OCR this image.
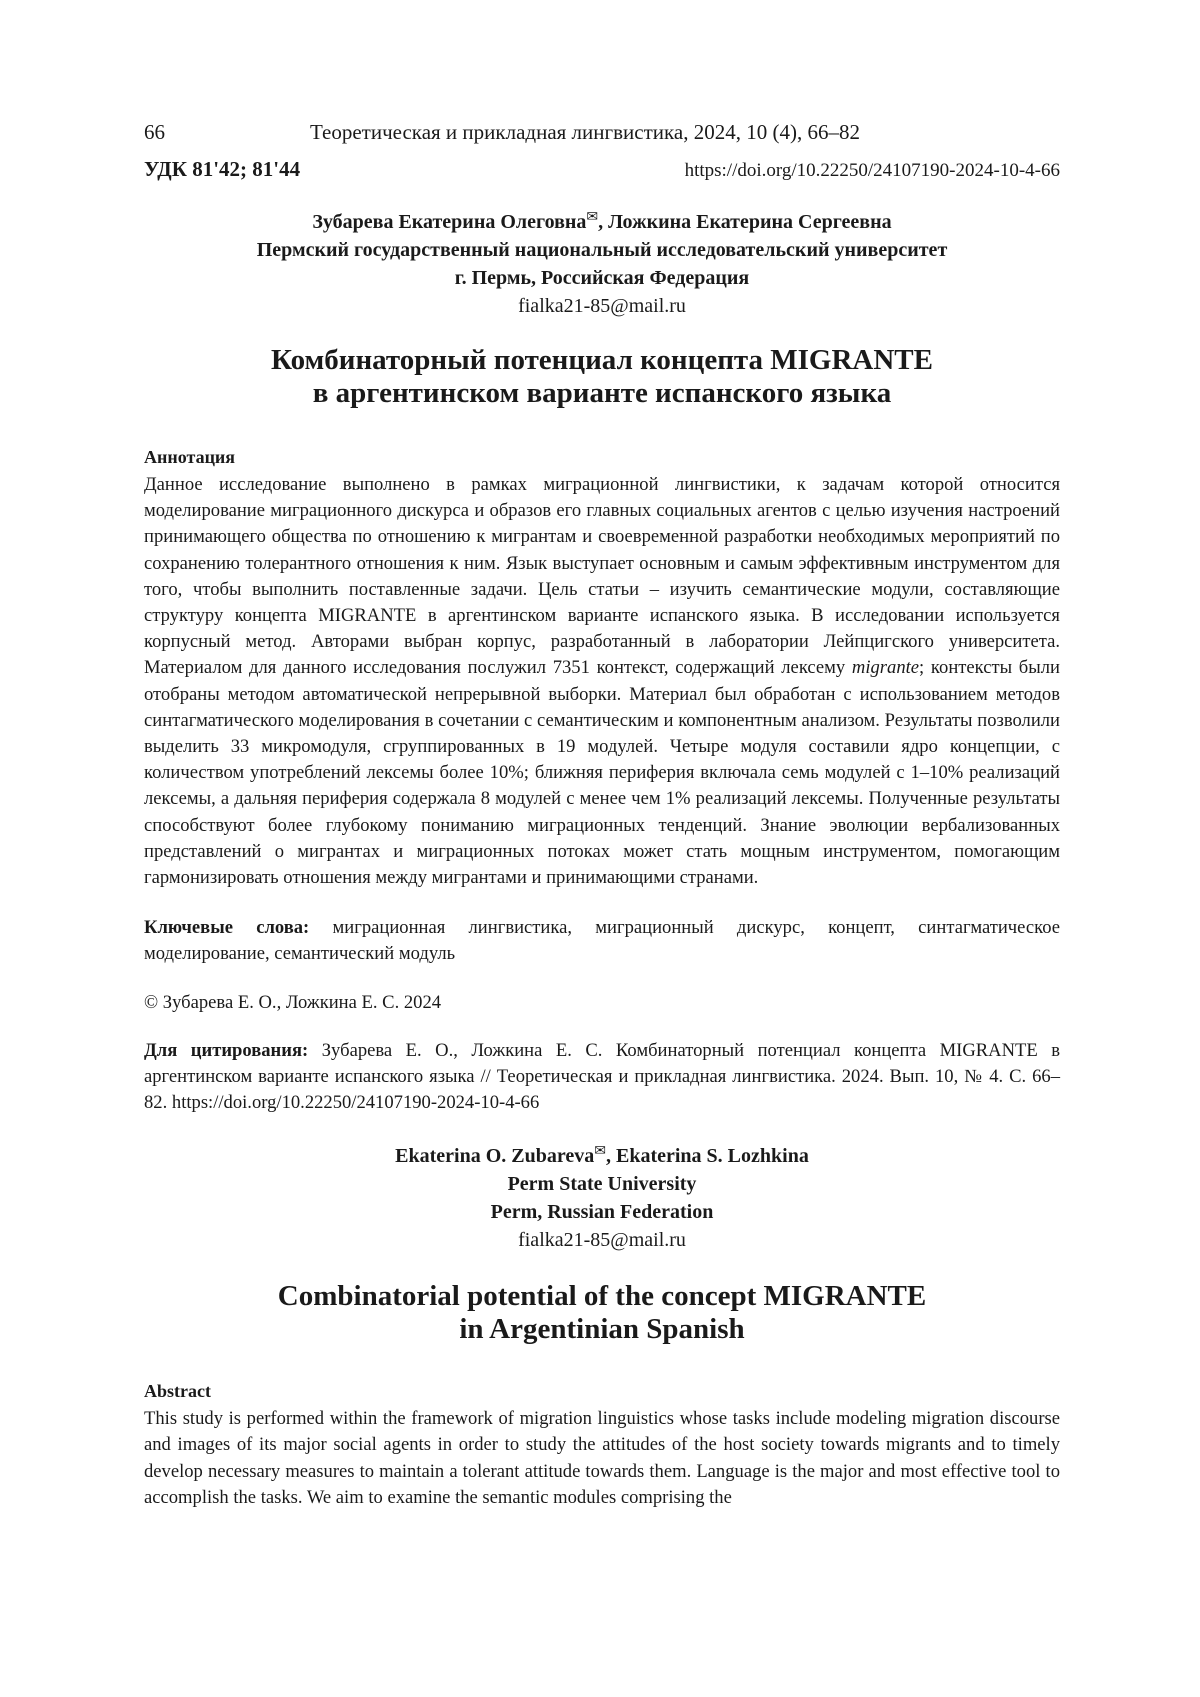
66	Теоретическая и прикладная лингвистика, 2024, 10 (4), 66–82
УДК 81'42; 81'44	https://doi.org/10.22250/24107190-2024-10-4-66
Зубарева Екатерина Олеговна✉, Ложкина Екатерина Сергеевна
Пермский государственный национальный исследовательский университет
г. Пермь, Российская Федерация
fialka21-85@mail.ru
Комбинаторный потенциал концепта MIGRANTE
в аргентинском варианте испанского языка
Аннотация

Данное исследование выполнено в рамках миграционной лингвистики, к задачам которой относится моделирование миграционного дискурса и образов его главных социальных агентов с целью изучения настроений принимающего общества по отношению к мигрантам и своевременной разработки необходимых мероприятий по сохранению толерантного отношения к ним. Язык выступает основным и самым эффективным инструментом для того, чтобы выполнить поставленные задачи. Цель статьи – изучить семантические модули, составляющие структуру концепта MIGRANTE в аргентинском варианте испанского языка. В исследовании используется корпусный метод. Авторами выбран корпус, разработанный в лаборатории Лейпцигского университета. Материалом для данного исследования послужил 7351 контекст, содержащий лексему migrante; контексты были отобраны методом автоматической непрерывной выборки. Материал был обработан с использованием методов синтагматического моделирования в сочетании с семантическим и компонентным анализом. Результаты позволили выделить 33 микромодуля, сгруппированных в 19 модулей. Четыре модуля составили ядро концепции, с количеством употреблений лексемы более 10%; ближняя периферия включала семь модулей с 1–10% реализаций лексемы, а дальняя периферия содержала 8 модулей с менее чем 1% реализаций лексемы. Полученные результаты способствуют более глубокому пониманию миграционных тенденций. Знание эволюции вербализованных представлений о мигрантах и миграционных потоках может стать мощным инструментом, помогающим гармонизировать отношения между мигрантами и принимающими странами.

Ключевые слова: миграционная лингвистика, миграционный дискурс, концепт, синтагматическое моделирование, семантический модуль
© Зубарева Е. О., Ложкина Е. С. 2024
Для цитирования: Зубарева Е. О., Ложкина Е. С. Комбинаторный потенциал концепта MIGRANTE в аргентинском варианте испанского языка // Теоретическая и прикладная лингвистика. 2024. Вып. 10, № 4. С. 66–82. https://doi.org/10.22250/24107190-2024-10-4-66
Ekaterina O. Zubareva✉, Ekaterina S. Lozhkina
Perm State University
Perm, Russian Federation
fialka21-85@mail.ru
Combinatorial potential of the concept MIGRANTE
in Argentinian Spanish
Abstract

This study is performed within the framework of migration linguistics whose tasks include modeling migration discourse and images of its major social agents in order to study the attitudes of the host society towards migrants and to timely develop necessary measures to maintain a tolerant attitude towards them. Language is the major and most effective tool to accomplish the tasks. We aim to examine the semantic modules comprising the
